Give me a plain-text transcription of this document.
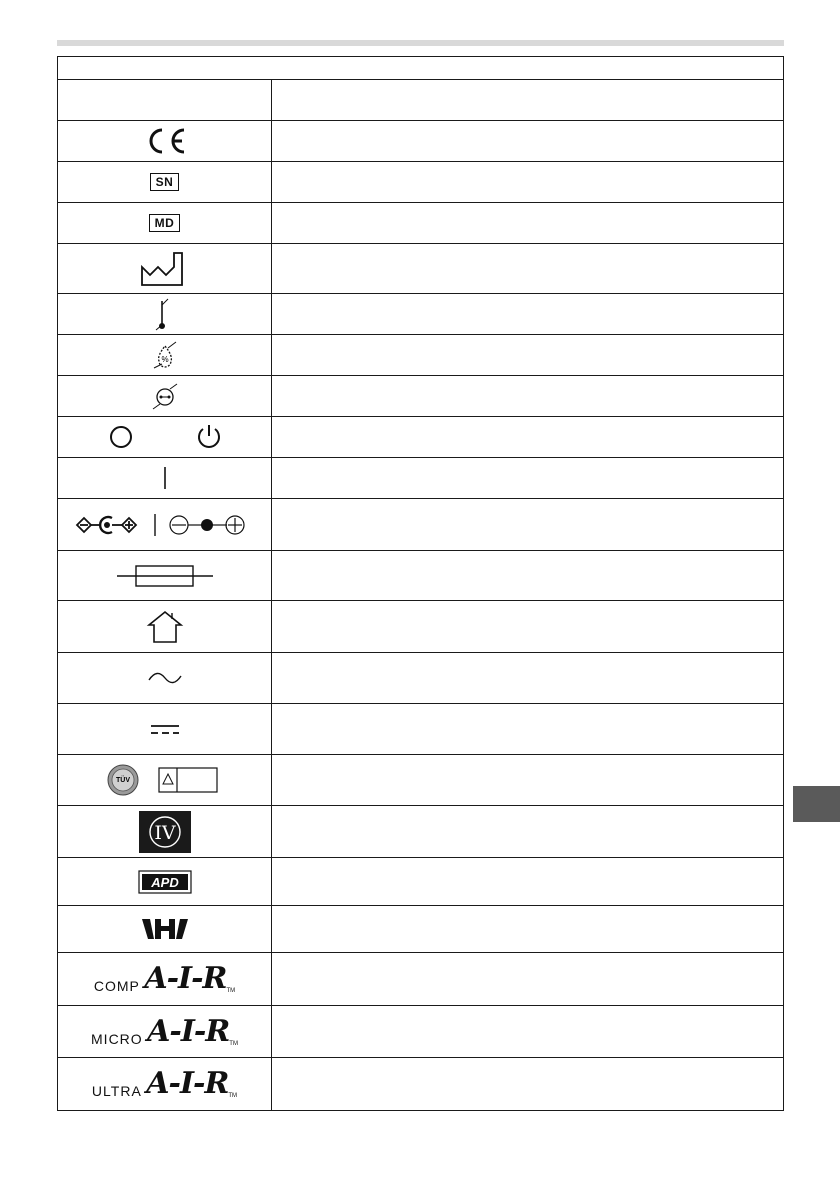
SN	
MD	

%	

TÜV	

IV	

APD	

COMP A-I-RTM	
MICRO A-I-RTM	
ULTRA A-I-RTM	
